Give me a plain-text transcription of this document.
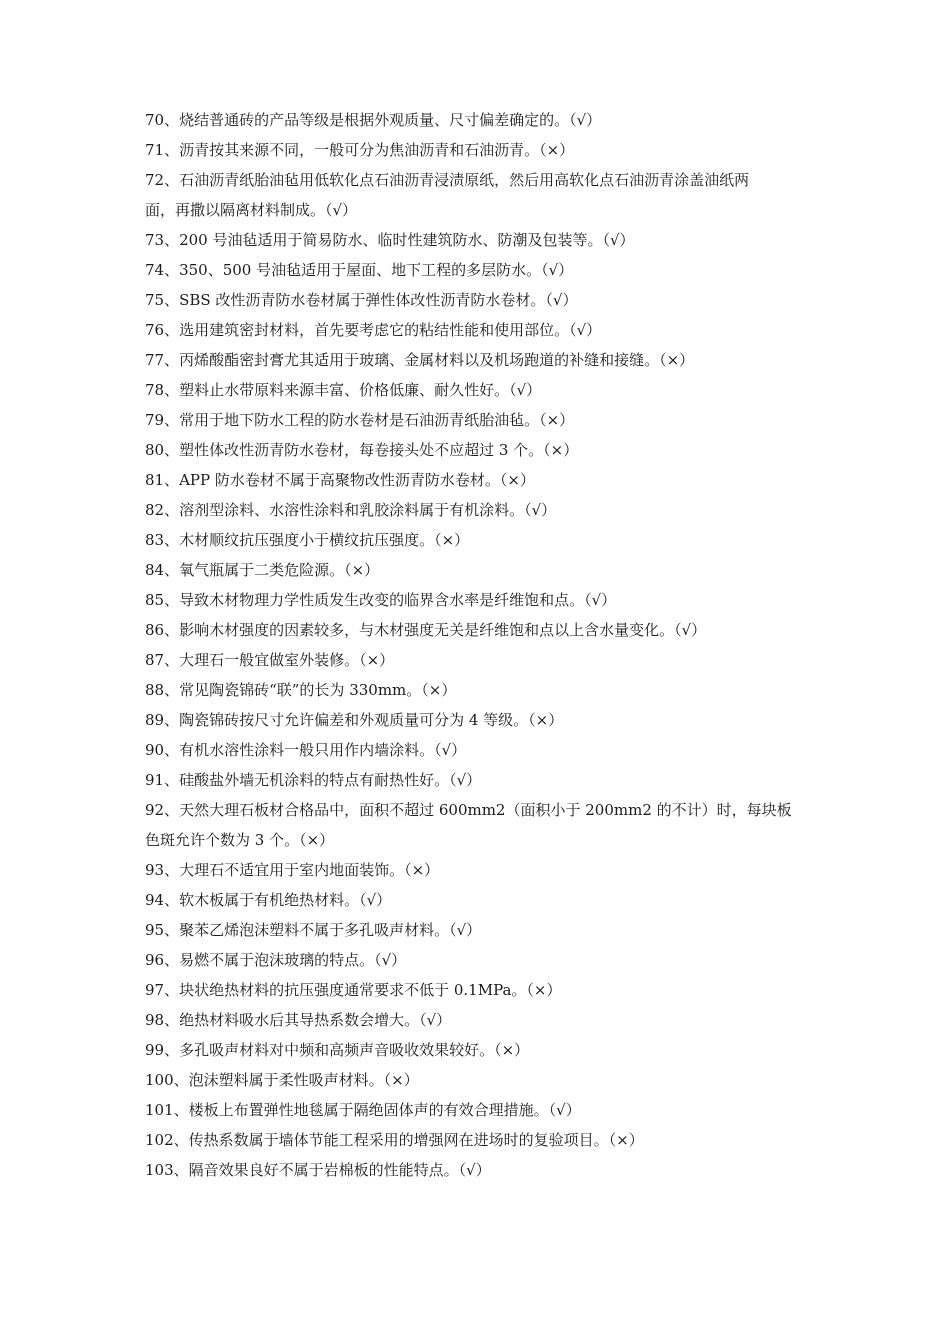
70、烧结普通砖的产品等级是根据外观质量、尺寸偏差确定的。（√）
71、沥青按其来源不同，一般可分为焦油沥青和石油沥青。（×）
72、石油沥青纸胎油毡用低软化点石油沥青浸渍原纸，然后用高软化点石油沥青涂盖油纸两
面，再撒以隔离材料制成。（√）
73、200 号油毡适用于简易防水、临时性建筑防水、防潮及包装等。（√）
74、350、500 号油毡适用于屋面、地下工程的多层防水。（√）
75、SBS 改性沥青防水卷材属于弹性体改性沥青防水卷材。（√）
76、选用建筑密封材料，首先要考虑它的粘结性能和使用部位。（√）
77、丙烯酸酯密封膏尤其适用于玻璃、金属材料以及机场跑道的补缝和接缝。（×）
78、塑料止水带原料来源丰富、价格低廉、耐久性好。（√）
79、常用于地下防水工程的防水卷材是石油沥青纸胎油毡。（×）
80、塑性体改性沥青防水卷材，每卷接头处不应超过 3 个。（×）
81、APP 防水卷材不属于高聚物改性沥青防水卷材。（×）
82、溶剂型涂料、水溶性涂料和乳胶涂料属于有机涂料。（√）
83、木材顺纹抗压强度小于横纹抗压强度。（×）
84、氧气瓶属于二类危险源。（×）
85、导致木材物理力学性质发生改变的临界含水率是纤维饱和点。（√）
86、影响木材强度的因素较多，与木材强度无关是纤维饱和点以上含水量变化。（√）
87、大理石一般宜做室外装修。（×）
88、常见陶瓷锦砖“联”的长为 330mm。（×）
89、陶瓷锦砖按尺寸允许偏差和外观质量可分为 4 等级。（×）
90、有机水溶性涂料一般只用作内墙涂料。（√）
91、硅酸盐外墙无机涂料的特点有耐热性好。（√）
92、天然大理石板材合格品中，面积不超过 600mm2（面积小于 200mm2 的不计）时，每块板
色斑允许个数为 3 个。（×）
93、大理石不适宜用于室内地面装饰。（×）
94、软木板属于有机绝热材料。（√）
95、聚苯乙烯泡沫塑料不属于多孔吸声材料。（√）
96、易燃不属于泡沫玻璃的特点。（√）
97、块状绝热材料的抗压强度通常要求不低于 0.1MPa。（×）
98、绝热材料吸水后其导热系数会增大。（√）
99、多孔吸声材料对中频和高频声音吸收效果较好。（×）
100、泡沫塑料属于柔性吸声材料。（×）
101、楼板上布置弹性地毯属于隔绝固体声的有效合理措施。（√）
102、传热系数属于墙体节能工程采用的增强网在进场时的复验项目。（×）
103、隔音效果良好不属于岩棉板的性能特点。（√）
